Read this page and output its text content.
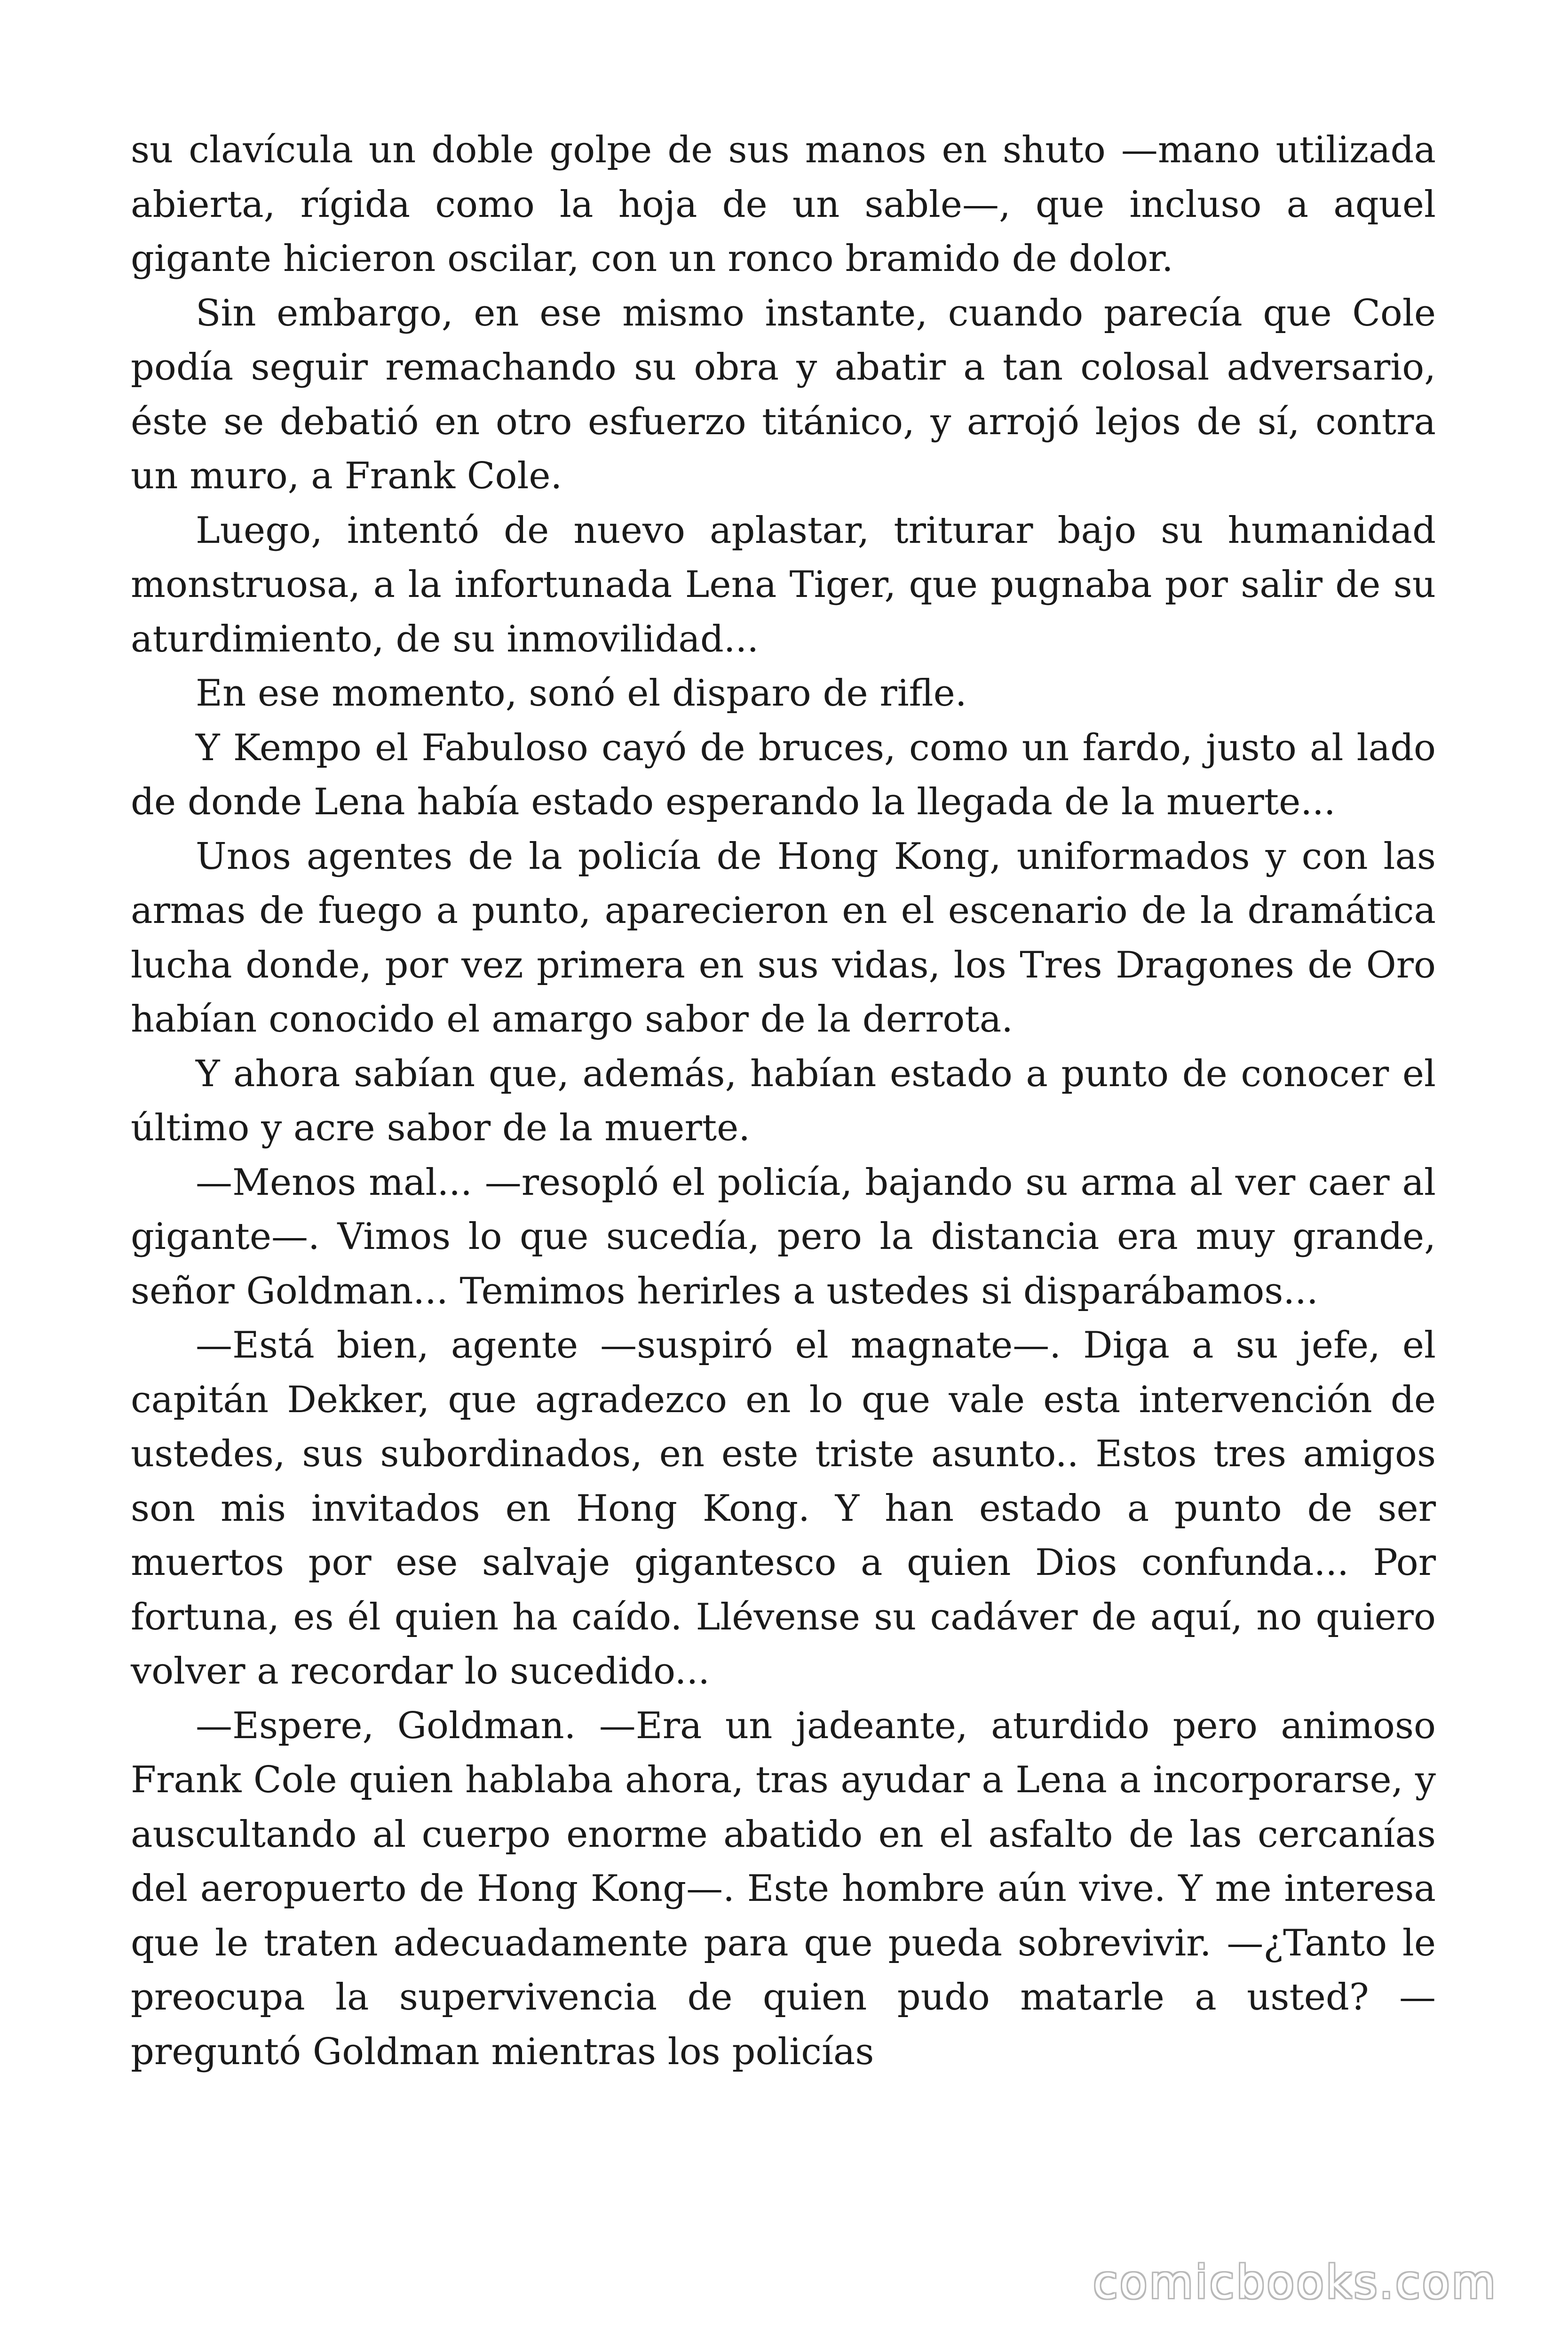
su clavícula un doble golpe de sus manos en shuto —mano utilizada abierta, rígida como la hoja de un sable—, que incluso a aquel gigante hicieron oscilar, con un ronco bramido de dolor.

Sin embargo, en ese mismo instante, cuando parecía que Cole podía seguir remachando su obra y abatir a tan colosal adversario, éste se debatió en otro esfuerzo titánico, y arrojó lejos de sí, contra un muro, a Frank Cole.

Luego, intentó de nuevo aplastar, triturar bajo su humanidad monstruosa, a la infortunada Lena Tiger, que pugnaba por salir de su aturdimiento, de su inmovilidad...

En ese momento, sonó el disparo de rifle.

Y Kempo el Fabuloso cayó de bruces, como un fardo, justo al lado de donde Lena había estado esperando la llegada de la muerte...

Unos agentes de la policía de Hong Kong, uniformados y con las armas de fuego a punto, aparecieron en el escenario de la dramática lucha donde, por vez primera en sus vidas, los Tres Dragones de Oro habían conocido el amargo sabor de la derrota.

Y ahora sabían que, además, habían estado a punto de conocer el último y acre sabor de la muerte.

—Menos mal... —resopló el policía, bajando su arma al ver caer al gigante—. Vimos lo que sucedía, pero la distancia era muy grande, señor Goldman... Temimos herirles a ustedes si disparábamos...

—Está bien, agente —suspiró el magnate—. Diga a su jefe, el capitán Dekker, que agradezco en lo que vale esta intervención de ustedes, sus subordinados, en este triste asunto.. Estos tres amigos son mis invitados en Hong Kong. Y han estado a punto de ser muertos por ese salvaje gigantesco a quien Dios confunda... Por fortuna, es él quien ha caído. Llévense su cadáver de aquí, no quiero volver a recordar lo sucedido...

—Espere, Goldman. —Era un jadeante, aturdido pero animoso Frank Cole quien hablaba ahora, tras ayudar a Lena a incorporarse, y auscultando al cuerpo enorme abatido en el asfalto de las cercanías del aeropuerto de Hong Kong—. Este hombre aún vive. Y me interesa que le traten adecuadamente para que pueda sobrevivir. —¿Tanto le preocupa la supervivencia de quien pudo matarle a usted? —preguntó Goldman mientras los policías

comicbooks.com
